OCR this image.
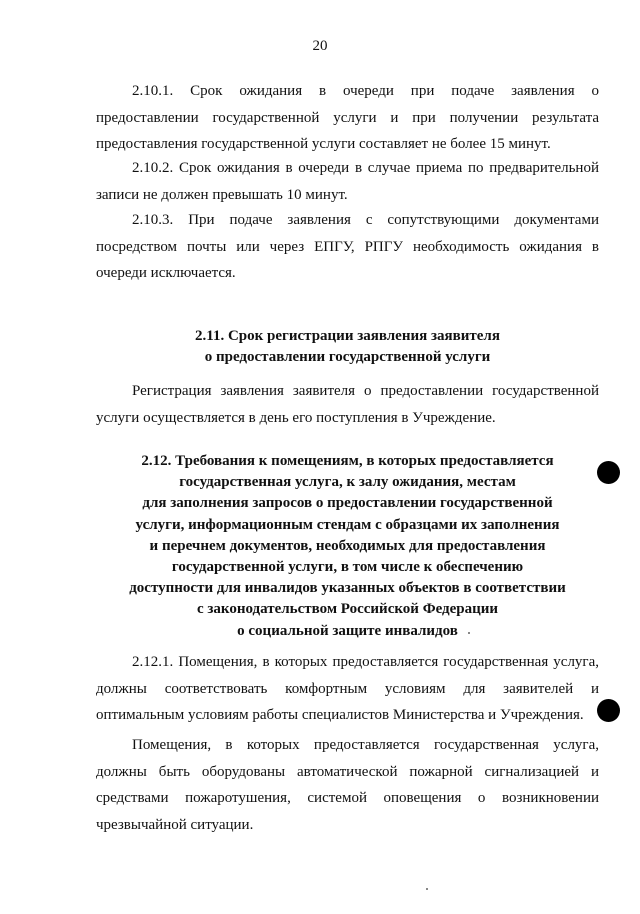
20
2.10.1. Срок ожидания в очереди при подаче заявления о предоставлении государственной услуги и при получении результата предоставления государственной услуги составляет не более 15 минут.
2.10.2. Срок ожидания в очереди в случае приема по предварительной записи не должен превышать 10 минут.
2.10.3. При подаче заявления с сопутствующими документами посредством почты или через ЕПГУ, РПГУ необходимость ожидания в очереди исключается.
2.11. Срок регистрации заявления заявителя
о предоставлении государственной услуги
Регистрация заявления заявителя о предоставлении государственной услуги осуществляется в день его поступления в Учреждение.
2.12. Требования к помещениям, в которых предоставляется
государственная услуга, к залу ожидания, местам
для заполнения запросов о предоставлении государственной
услуги, информационным стендам с образцами их заполнения
и перечнем документов, необходимых для предоставления
государственной услуги, в том числе к обеспечению
доступности для инвалидов указанных объектов в соответствии
с законодательством Российской Федерации
о социальной защите инвалидов
2.12.1. Помещения, в которых предоставляется государственная услуга, должны соответствовать комфортным условиям для заявителей и оптимальным условиям работы специалистов Министерства и Учреждения.
Помещения, в которых предоставляется государственная услуга, должны быть оборудованы автоматической пожарной сигнализацией и средствами пожаротушения, системой оповещения о возникновении чрезвычайной ситуации.
